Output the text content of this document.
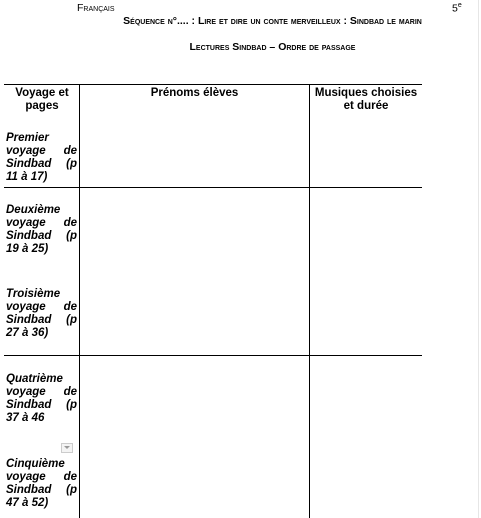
Français	5e
Séquence n°.... : Lire et dire un conte merveilleux : Sindbad le marin
Lectures Sindbad – Ordre de passage
Voyage et pages
Prénoms élèves	Musiques choisies et durée
Premier voyage de Sindbad (p 11 à 17)
Deuxième voyage de Sindbad (p 19 à 25)
Troisième voyage de Sindbad (p 27 à 36)
Quatrième voyage de Sindbad (p 37 à 46
Cinquième voyage de Sindbad (p 47 à 52)
